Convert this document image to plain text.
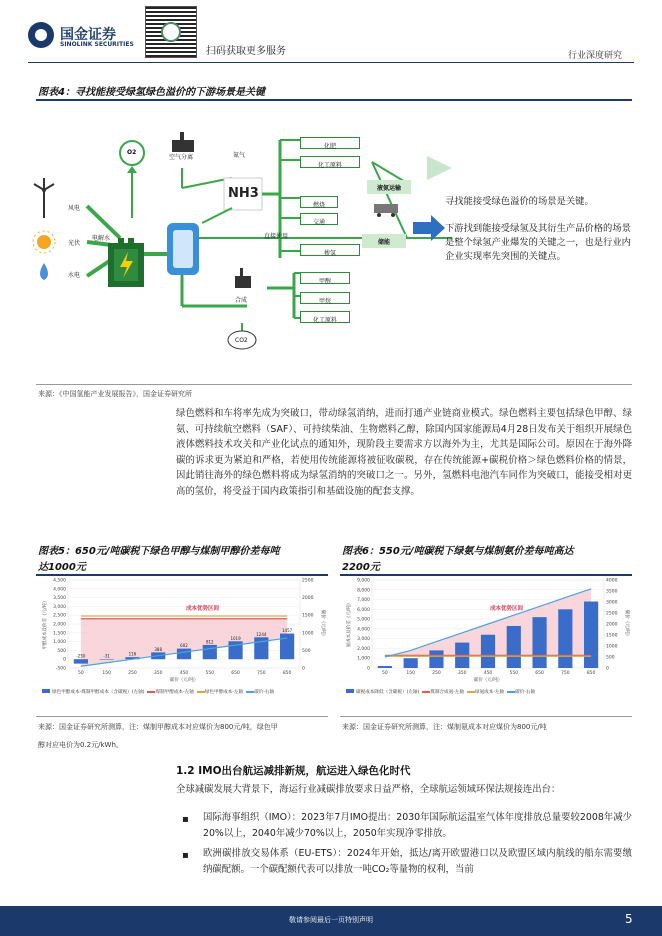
国金证券
SINOLINK SECURITIES
扫码获取更多服务	行业深度研究
图表4：寻找能接受绿氢绿色溢价的下游场景是关键
风电
光伏
水电
电解水
O2
空气分离	氮气
NH3
化肥
化工原料
燃烧
交通
掺氢
液氨运输
储能
直接使用
合成
CO2
甲醇
甲烷
化工原料
寻找能接受绿色溢价的场景是关键。
下游找到能接受绿氢及其衍生产品价格的场景是整个绿氢产业爆发的关键之一，也是行业内企业实现率先突围的关键点。
来源：《中国氢能产业发展报告》，国金证券研究所
绿色燃料和车将率先成为突破口，带动绿氢消纳，进而打通产业链商业模式。绿色燃料主要包括绿色甲醇、绿氨、可持续航空燃料（SAF）、可持续柴油、生物燃料乙醇，除国内国家能源局4月28日发布关于组织开展绿色液体燃料技术攻关和产业化试点的通知外，现阶段主要需求方以海外为主，尤其是国际公司。原因在于海外降碳的诉求更为紧迫和严格，若使用传统能源将被征收碳税，存在传统能源+碳税价格＞绿色燃料价格的情景，因此销往海外的绿色燃料将成为绿氢消纳的突破口之一。另外，氢燃料电池汽车同作为突破口，能接受相对更高的氢价，将受益于国内政策指引和基础设施的配套支撑。
图表5：650元/吨碳税下绿色甲醇与煤制甲醇价差每吨
达1000元
图表6：550元/吨碳税下绿氨与煤制氨价差每吨高达
2200元
-500
0
500
1,000
1,500
2,000
2,500
3,000
3,500
4,000
4,500
0
500
1000
1500
2000
2500
-250
50
-31
150
116
250
388
350
602
450
812
550
1019
650
1244
750
1457
850
成本优势区间
碳价（元/吨）
甲醇成本及价差（元/吨）	碳价（元/吨）
0
1,000
2,000
3,000
4,000
5,000
6,000
7,000
8,000
9,000
0
500
1000
1500
2000
2500
3000
3500
4000
50	150	250	350	450	550	650	750	850
成本优势区间
碳价（元/吨）
氨成本及价差（元/吨）	碳价（元/吨）
绿色甲醇成本-煤制甲醇成本（含碳税）(左轴) 煤制甲醇成本-左轴 绿色甲醇成本-左轴 碳价-右轴	碳税成本降低（含碳税）(左轴) 煤制合成氨-左轴 绿氨成本-左轴 碳价-右轴
来源：国金证券研究所测算，注：煤制甲醇成本对应煤价为800元/吨，绿色甲
醇对应电价为0.2元/kWh。
来源：国金证券研究所测算，注：煤制氨成本对应煤价为800元/吨
1.2 IMO出台航运减排新规，航运进入绿色化时代
全球减碳发展大背景下，海运行业减碳排放要求日益严格，全球航运领域环保法规接连出台：
▪ 国际海事组织（IMO）：2023年7月IMO提出：2030年国际航运温室气体年度排放总量要较2008年减少20%以上，2040年减少70%以上，2050年实现净零排放。
▪ 欧洲碳排放交易体系（EU-ETS）：2024年开始，抵达/离开欧盟港口以及欧盟区域内航线的船东需要缴纳碳配额。一个碳配额代表可以排放一吨CO₂等量物的权利，当前
敬请参阅最后一页特别声明	5
